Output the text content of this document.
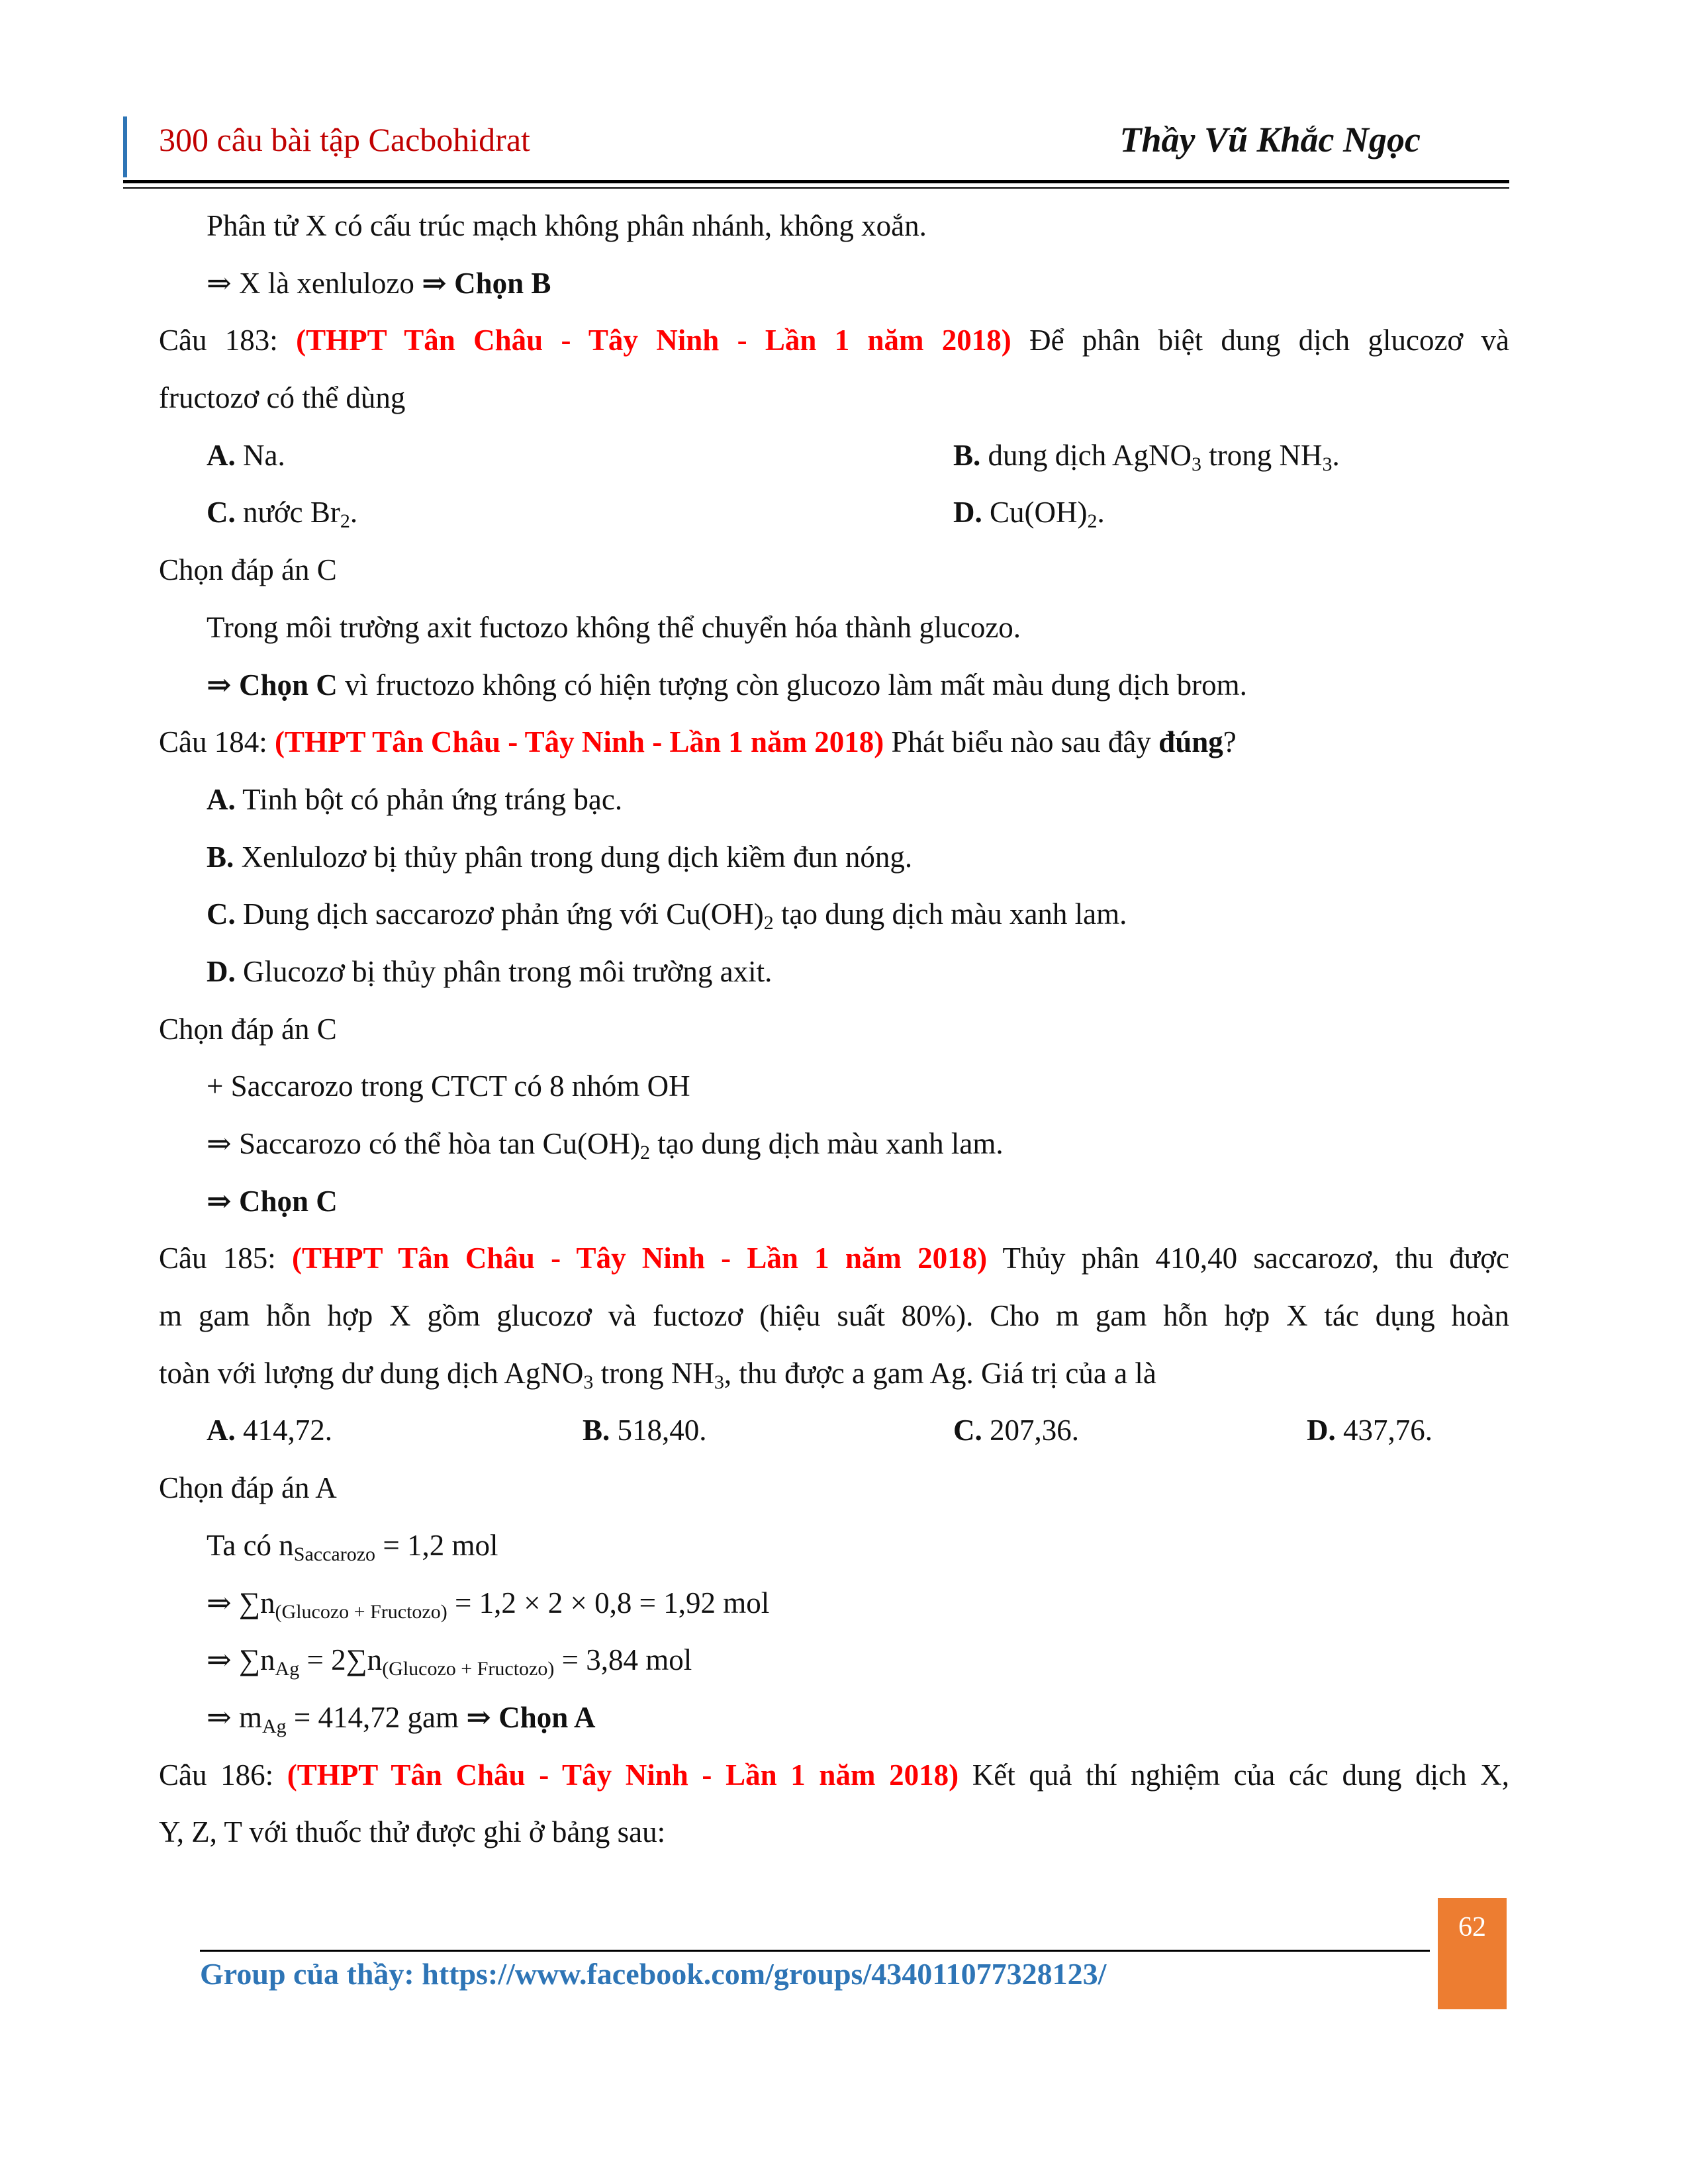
300 câu bài tập Cacbohidrat	Thầy Vũ Khắc Ngọc
Phân tử X có cấu trúc mạch không phân nhánh, không xoắn.
⇒ X là xenlulozo ⇒ Chọn B
Câu 183: (THPT Tân Châu - Tây Ninh - Lần 1 năm 2018) Để phân biệt dung dịch glucozơ và
fructozơ có thể dùng
A. Na.	B. dung dịch AgNO$_3$ trong $NH_3$.
C. nước $Br_2$.	D. $Cu(OH)_2$.
Chọn đáp án C
Trong môi trường axit fuctozo không thể chuyển hóa thành glucozo.
⇒ Chọn C vì fructozo không có hiện tượng còn glucozo làm mất màu dung dịch brom.
Câu 184: (THPT Tân Châu - Tây Ninh - Lần 1 năm 2018) Phát biểu nào sau đây đúng?
A. Tinh bột có phản ứng tráng bạc.
B. Xenlulozơ bị thủy phân trong dung dịch kiềm đun nóng.
C. Dung dịch saccarozơ phản ứng với $Cu(OH)_2$ tạo dung dịch màu xanh lam.
D. Glucozơ bị thủy phân trong môi trường axit.
Chọn đáp án C
+ Saccarozo trong CTCT có 8 nhóm OH
⇒ Saccarozo có thể hòa $\tan Cu(OH)_2$ tạo dung dịch màu xanh lam.
⇒ Chọn C
Câu 185: (THPT Tân Châu - Tây Ninh - Lần 1 năm 2018) Thủy phân 410,40 saccarozơ, thu được
m gam hỗn hợp X gồm glucozơ và fuctozơ (hiệu suất 80%). Cho m gam hỗn hợp X tác dụng hoàn
toàn với lượng dư dung dịch AgNO$_3$ trong $NH_3$, thu được a gam Ag. Giá trị của a là
A. 414,72.	B. 518,40.	C. 207,36.	D. 437,76.
Chọn đáp án A
Ta có $n_{Saccarozo} = 1,2$ mol
⇒ $\sum n_{(Glucozo + Fructozo)} = 1,2 \times 2 \times 0,8 = 1,92$ mol
⇒ $\sum n_{Ag} = 2\sum n_{(Glucozo + Fructozo)} = 3,84$ mol
⇒ $m_{Ag} = 414,72$ gam ⇒ Chọn A
Câu 186: (THPT Tân Châu - Tây Ninh - Lần 1 năm 2018) Kết quả thí nghiệm của các dung dịch X,
Y, Z, T với thuốc thử được ghi ở bảng sau:
Group của thầy: https://www.facebook.com/groups/434011077328123/
62
